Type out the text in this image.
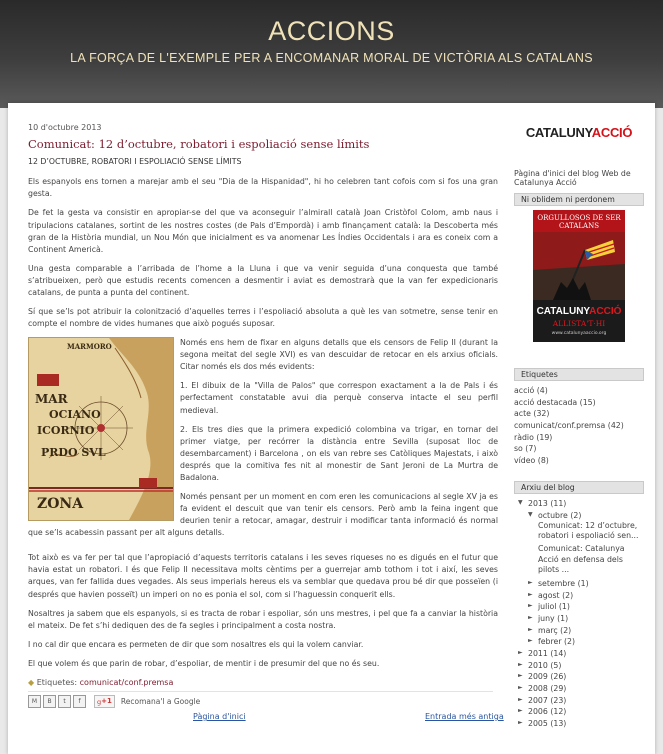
ACCIONS
LA FORÇA DE L'EXEMPLE PER A ENCOMANAR MORAL DE VICTÒRIA ALS CATALANS
10 d'octubre 2013
Comunicat: 12 d’octubre, robatori i espoliació sense límits
12 D’OCTUBRE, ROBATORI I ESPOLIACIÓ SENSE LÍMITS

Els espanyols ens tornen a marejar amb el seu "Dia de la Hispanidad", hi ho celebren tant cofois com si fos una gran gesta.

De fet la gesta va consistir en apropiar-se del que va aconseguir l’almirall català Joan Cristòfol Colom, amb naus i tripulacions catalanes, sortint de les nostres costes (de Pals d’Empordà) i amb finançament català: la Descoberta més gran de la Història mundial, un Nou Món que inicialment es va anomenar Les Índies Occidentals i ara es coneix com a Continent Americà.

Una gesta comparable a l’arribada de l’home a la Lluna i que va venir seguida d’una conquesta que també s’atribueixen, però que estudis recents comencen a desmentir i aviat es demostrarà que la van fer expedicionaris catalans, de punta a punta del continent.

Sí que se’ls pot atribuir la colonització d’aquelles terres i l’espoliació absoluta a què les van sotmetre, sense tenir en compte el nombre de vides humanes que això pogués suposar.

MARMORO
MAR
OCIANO
ICORNIO
PRDO SVL
ZONA

Només ens hem de fixar en alguns detalls que els censors de Felip II (durant la segona meitat del segle XVI) es van descuidar de retocar en els arxius oficials. Citar només els dos més evidents:

1. El dibuix de la "Villa de Palos" que correspon exactament a la de Pals i és perfectament constatable avui dia perquè conserva intacte el seu perfil medieval.

2. Els tres dies que la primera expedició colombina va trigar, en tornar del primer viatge, per recórrer la distància entre Sevilla (suposat lloc de desembarcament) i Barcelona , on els van rebre ses Catòliques Majestats, i això després que la comitiva fes nit al monestir de Sant Jeroni de La Murtra de Badalona.

Només pensant per un moment en com eren les comunicacions al segle XV ja es fa evident el descuit que van tenir els censors. Però amb la feina ingent que deurien tenir a retocar, amagar, destruir i modificar tanta informació és normal que se’ls acabessin passant per alt alguns detalls.

Tot això es va fer per tal que l’apropiació d’aquests territoris catalans i les seves riqueses no es digués en el futur que havia estat un robatori. I és que Felip II necessitava molts cèntims per a guerrejar amb tothom i tot i així, les seves arques, van fer fallida dues vegades. Als seus imperials hereus els va semblar que quedava prou bé dir que posseïen (i després que havien posseït) un imperi on no es ponia el sol, com si l’haguessin conquerit ells.

Nosaltres ja sabem que els espanyols, si es tracta de robar i espoliar, són uns mestres, i pel que fa a canviar la història el mateix. De fet s’hi dediquen des de fa segles i principalment a costa nostra.

I no cal dir que encara es permeten de dir que som nosaltres els qui la volem canviar.

El que volem és que parin de robar, d’espoliar, de mentir i de presumir del que no és seu.

◆ Etiquetes: comunicat/conf.premsa
M	B	t	f	g +1 Recomana'l a Google
Pàgina d'inici	Entrada més antiga
CATALUNYACCIÓ
Pàgina d'inici del blog Web de Catalunya Acció
Ni oblidem ni perdonem
ORGULLOSOS DE SER CATALANS
CATALUNYACCIÓ
ALLISTA'T·HI
www.catalunyaaccio.org
Etiquetes
acció (4)
acció destacada (15)
acte (32)
comunicat/conf.premsa (42)
ràdio (19)
so (7)
vídeo (8)
Arxiu del blog
▼ 2013 (11)
▼ octubre (2)
Comunicat: 12 d’octubre, robatori i espoliació sen...
Comunicat: Catalunya Acció en defensa dels pilots ...
► setembre (1)
► agost (2)
► juliol (1)
► juny (1)
► març (2)
► febrer (2)
► 2011 (14)
► 2010 (5)
► 2009 (26)
► 2008 (29)
► 2007 (23)
► 2006 (12)
► 2005 (13)
